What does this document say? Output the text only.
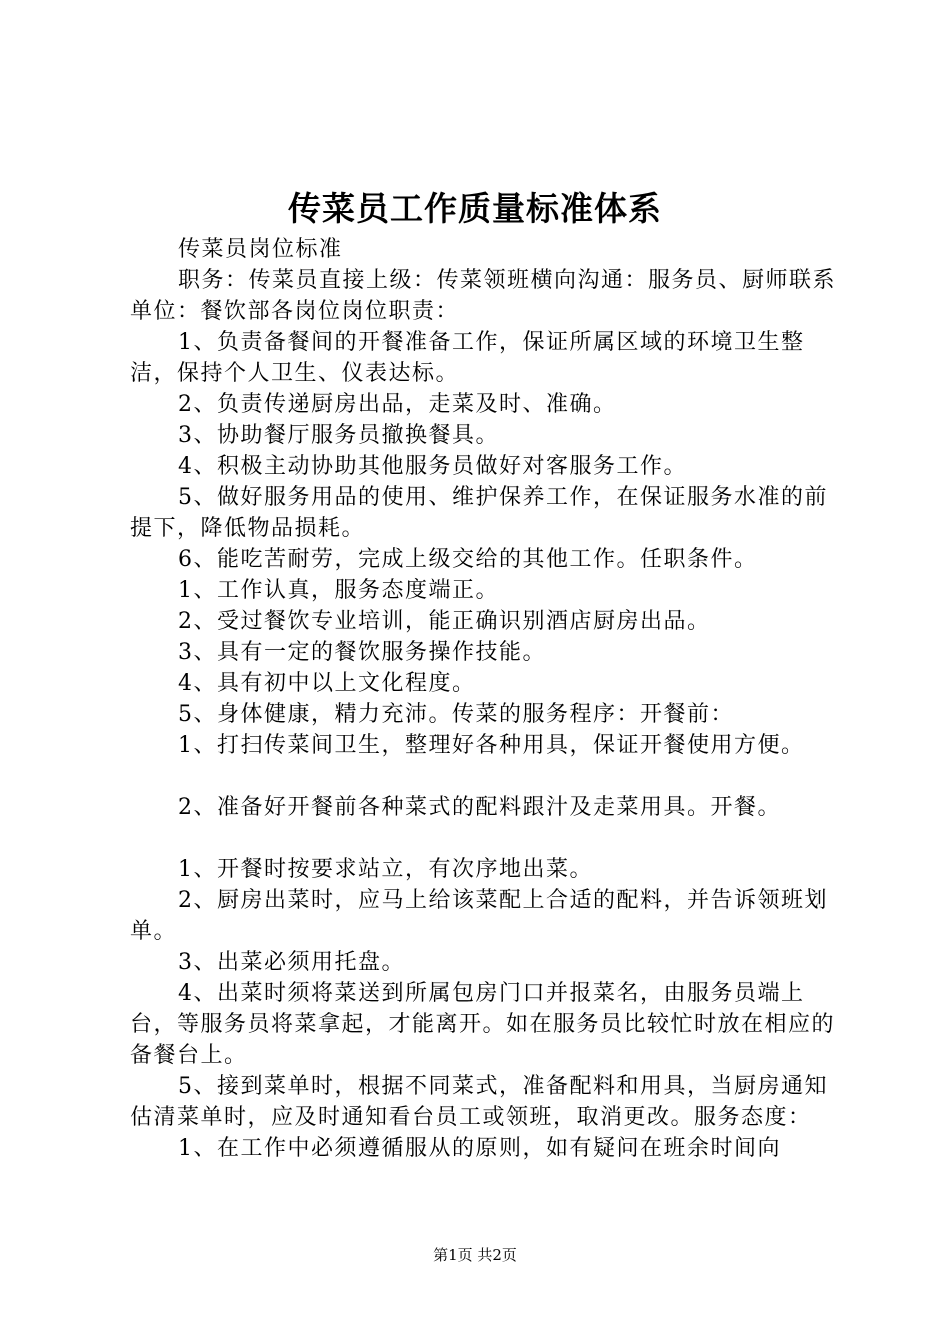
传菜员工作质量标准体系

传菜员岗位标准

职务：传菜员直接上级：传菜领班横向沟通：服务员、厨师联系单位：餐饮部各岗位岗位职责：

1、负责备餐间的开餐准备工作，保证所属区域的环境卫生整洁，保持个人卫生、仪表达标。

2、负责传递厨房出品，走菜及时、准确。

3、协助餐厅服务员撤换餐具。

4、积极主动协助其他服务员做好对客服务工作。

5、做好服务用品的使用、维护保养工作，在保证服务水准的前提下，降低物品损耗。

6、能吃苦耐劳，完成上级交给的其他工作。任职条件。

1、工作认真，服务态度端正。

2、受过餐饮专业培训，能正确识别酒店厨房出品。

3、具有一定的餐饮服务操作技能。

4、具有初中以上文化程度。

5、身体健康，精力充沛。传菜的服务程序：开餐前：

1、打扫传菜间卫生，整理好各种用具，保证开餐使用方便。

2、准备好开餐前各种菜式的配料跟汁及走菜用具。开餐。

1、开餐时按要求站立，有次序地出菜。

2、厨房出菜时，应马上给该菜配上合适的配料，并告诉领班划单。

3、出菜必须用托盘。

4、出菜时须将菜送到所属包房门口并报菜名，由服务员端上台，等服务员将菜拿起，才能离开。如在服务员比较忙时放在相应的备餐台上。

5、接到菜单时，根据不同菜式，准备配料和用具，当厨房通知估清菜单时，应及时通知看台员工或领班，取消更改。服务态度：

1、在工作中必须遵循服从的原则，如有疑问在班余时间向

第1页 共2页
